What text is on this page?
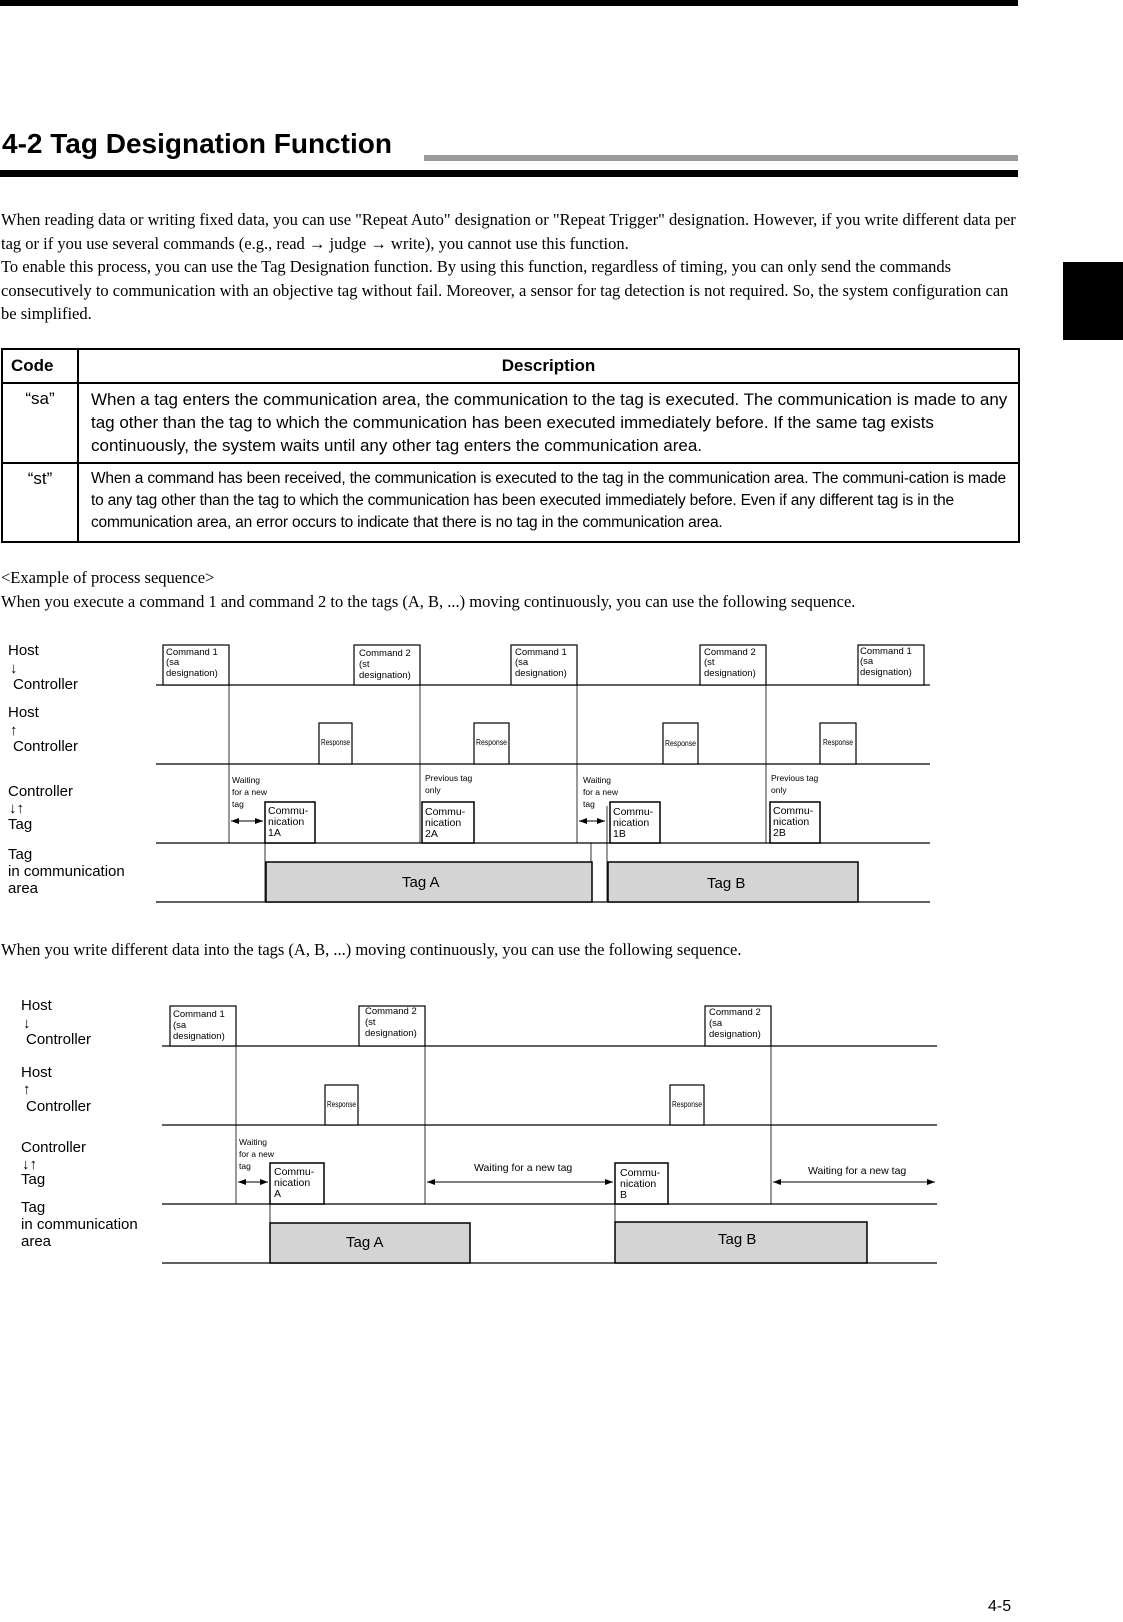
4-2 Tag Designation Function

When reading data or writing fixed data, you can use "Repeat Auto" designation or "Repeat Trigger" designation. However, if you write different data per tag or if you use several commands (e.g., read → judge → write), you cannot use this function.

To enable this process, you can use the Tag Designation function. By using this function, regardless of timing, you can only send the commands consecutively to communication with an objective tag without fail. Moreover, a sensor for tag detection is not required. So, the system configuration can be simplified.

Code	Description
“sa”	When a tag enters the communication area, the communication to the tag is executed. The communication is made to any tag other than the tag to which the communication has been executed immediately before. If the same tag exists continuously, the system waits until any other tag enters the communication area.
“st”	When a command has been received, the communication is executed to the tag in the communication area. The communi-cation is made to any tag other than the tag to which the communication has been executed immediately before. Even if any different tag is in the communication area, an error occurs to indicate that there is no tag in the communication area.

<Example of process sequence>

When you execute a command 1 and command 2 to the tags (A, B, ...) moving continuously, you can use the following sequence.

Host
↓
Controller
Host
↑
Controller
Controller
↓↑
Tag
Tag
in communication
area
Command 1
(sa
designation)
Command 2
(st
designation)
Command 1
(sa
designation)
Command 2
(st
designation)
Command 1
(sa
designation)
Response	Response	Response	Response
Waiting
for a new
tag
Previous tag
only
Waiting
for a new
tag
Previous tag
only
Commu-
nication
1A
Commu-
nication
2A
Commu-
nication
1B
Commu-
nication
2B
Tag A	Tag B
When you write different data into the tags (A, B, ...) moving continuously, you can use the following sequence.
Host
↓
Controller
Host
↑
Controller
Controller
↓↑
Tag
Tag
in communication
area
Command 1
(sa
designation)
Command 2
(st
designation)
Command 2
(sa
designation)
Response	Response
Waiting
for a new
tag	Waiting for a new tag	Waiting for a new tag
Commu-
nication
A
Commu-
nication
B
Tag A	Tag B
4-5
